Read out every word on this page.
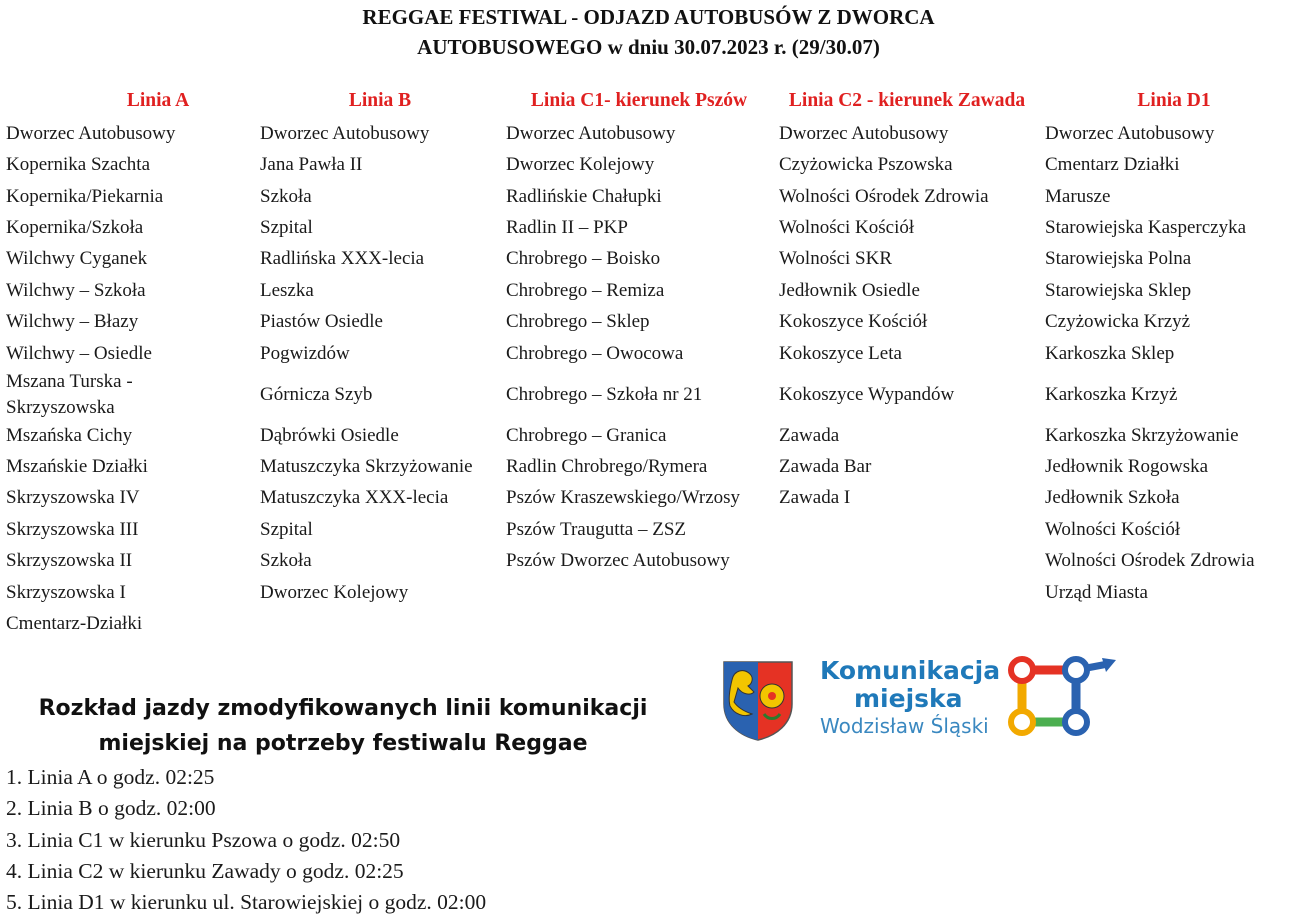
REGGAE FESTIWAL - ODJAZD AUTOBUSÓW Z DWORCA
AUTOBUSOWEGO w dniu 30.07.2023 r. (29/30.07)
Linia A
Dworzec Autobusowy
Kopernika Szachta
Kopernika/Piekarnia
Kopernika/Szkoła
Wilchwy Cyganek
Wilchwy – Szkoła
Wilchwy – Błazy
Wilchwy – Osiedle
Mszana Turska - Skrzyszowska
Mszańska Cichy
Mszańskie Działki
Skrzyszowska IV
Skrzyszowska III
Skrzyszowska II
Skrzyszowska I
Cmentarz-Działki
Linia B
Dworzec Autobusowy
Jana Pawła II
Szkoła
Szpital
Radlińska XXX-lecia
Leszka
Piastów Osiedle
Pogwizdów
Górnicza Szyb
Dąbrówki Osiedle
Matuszczyka Skrzyżowanie
Matuszczyka XXX-lecia
Szpital
Szkoła
Dworzec Kolejowy
Linia C1- kierunek Pszów
Dworzec Autobusowy
Dworzec Kolejowy
Radlińskie Chałupki
Radlin II – PKP
Chrobrego – Boisko
Chrobrego – Remiza
Chrobrego – Sklep
Chrobrego – Owocowa
Chrobrego – Szkoła nr 21
Chrobrego – Granica
Radlin Chrobrego/Rymera
Pszów Kraszewskiego/Wrzosy
Pszów Traugutta – ZSZ
Pszów Dworzec Autobusowy
Linia C2 - kierunek Zawada
Dworzec Autobusowy
Czyżowicka Pszowska
Wolności Ośrodek Zdrowia
Wolności Kościół
Wolności SKR
Jedłownik Osiedle
Kokoszyce Kościół
Kokoszyce Leta
Kokoszyce Wypandów
Zawada
Zawada Bar
Zawada I
Linia D1
Dworzec Autobusowy
Cmentarz Działki
Marusze
Starowiejska Kasperczyka
Starowiejska Polna
Starowiejska Sklep
Czyżowicka Krzyż
Karkoszka Sklep
Karkoszka Krzyż
Karkoszka Skrzyżowanie
Jedłownik Rogowska
Jedłownik Szkoła
Wolności Kościół
Wolności Ośrodek Zdrowia
Urząd Miasta
Rozkład jazdy zmodyfikowanych linii komunikacji
miejskiej na potrzeby festiwalu Reggae
1. Linia A o godz. 02:25
2. Linia B o godz. 02:00
3. Linia C1 w kierunku Pszowa o godz. 02:50
4. Linia C2 w kierunku Zawady o godz. 02:25
5. Linia D1 w kierunku ul. Starowiejskiej o godz. 02:00
Komunikacja
miejska
Wodzisław Śląski
